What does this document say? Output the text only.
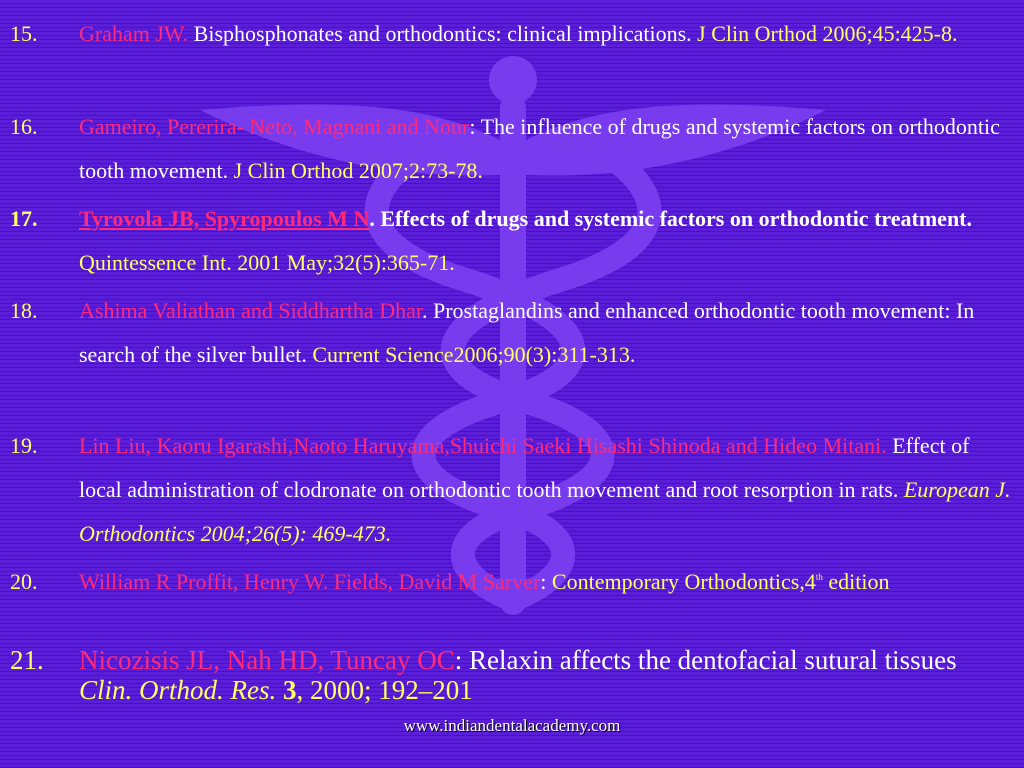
15. Graham JW. Bisphosphonates and orthodontics: clinical implications. J Clin Orthod 2006;45:425-8.
16. Gameiro, Pererira- Neto, Magnani and Nour: The influence of drugs and systemic factors on orthodontic tooth movement. J Clin Orthod 2007;2:73-78.
17. Tyrovola JB, Spyropoulos M N. Effects of drugs and systemic factors on orthodontic treatment. Quintessence Int. 2001 May;32(5):365-71.
18. Ashima Valiathan and Siddhartha Dhar. Prostaglandins and enhanced orthodontic tooth movement: In search of the silver bullet. Current Science2006;90(3):311-313.
19. Lin Liu, Kaoru Igarashi,Naoto Haruyama,Shuichi Saeki Hisashi Shinoda and Hideo Mitani. Effect of local administration of clodronate on orthodontic tooth movement and root resorption in rats. European J. Orthodontics 2004;26(5): 469-473.
20. William R Proffit, Henry W. Fields, David M Sarver: Contemporary Orthodontics,4th edition
21. Nicozisis JL, Nah HD, Tuncay OC: Relaxin affects the dentofacial sutural tissues Clin. Orthod. Res. 3, 2000; 192–201
www.indiandentalacademy.com
